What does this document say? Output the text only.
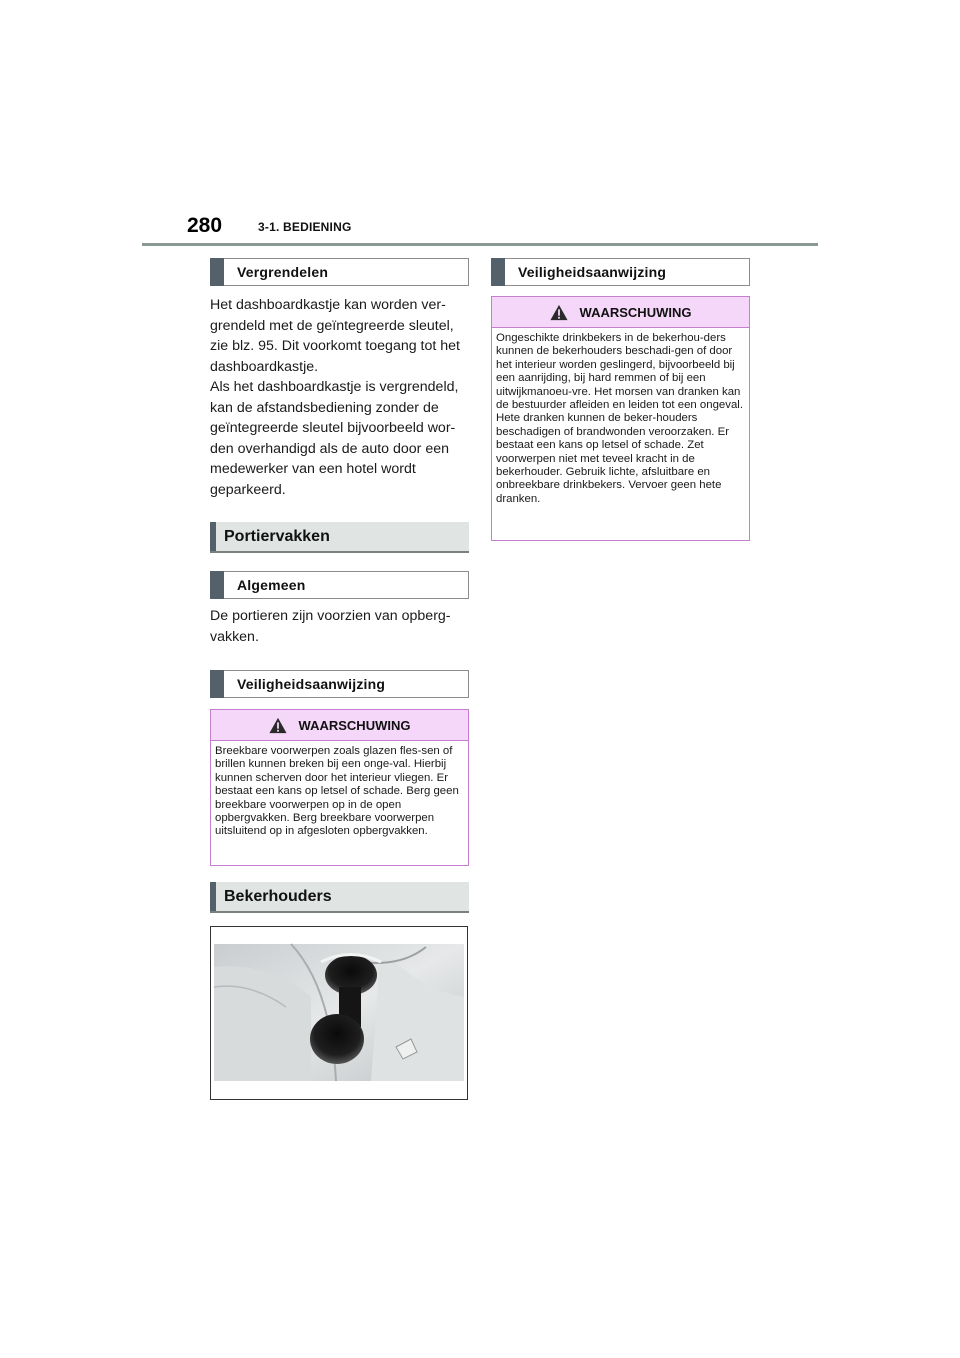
280	3-1. BEDIENING
Vergrendelen

Het dashboardkastje kan worden ver-grendeld met de geïntegreerde sleutel, zie blz. 95. Dit voorkomt toegang tot het dashboardkastje.

Als het dashboardkastje is vergrendeld, kan de afstandsbediening zonder de geïntegreerde sleutel bijvoorbeeld wor-den overhandigd als de auto door een medewerker van een hotel wordt geparkeerd.

Portiervakken
Algemeen

De portieren zijn voorzien van opberg-vakken.

Veiligheidsaanwijzing
WAARSCHUWING
Breekbare voorwerpen zoals glazen fles-sen of brillen kunnen breken bij een onge-val. Hierbij kunnen scherven door het interieur vliegen. Er bestaat een kans op letsel of schade. Berg geen breekbare voorwerpen op in de open opbergvakken. Berg breekbare voorwerpen uitsluitend op in afgesloten opbergvakken.
Bekerhouders
Veiligheidsaanwijzing
WAARSCHUWING
Ongeschikte drinkbekers in de bekerhou-ders kunnen de bekerhouders beschadi-gen of door het interieur worden geslingerd, bijvoorbeeld bij een aanrijding, bij hard remmen of bij een uitwijkmanoeu-vre. Het morsen van dranken kan de bestuurder afleiden en leiden tot een ongeval. Hete dranken kunnen de beker-houders beschadigen of brandwonden veroorzaken. Er bestaat een kans op letsel of schade. Zet voorwerpen niet met teveel kracht in de bekerhouder. Gebruik lichte, afsluitbare en onbreekbare drinkbekers. Vervoer geen hete dranken.
